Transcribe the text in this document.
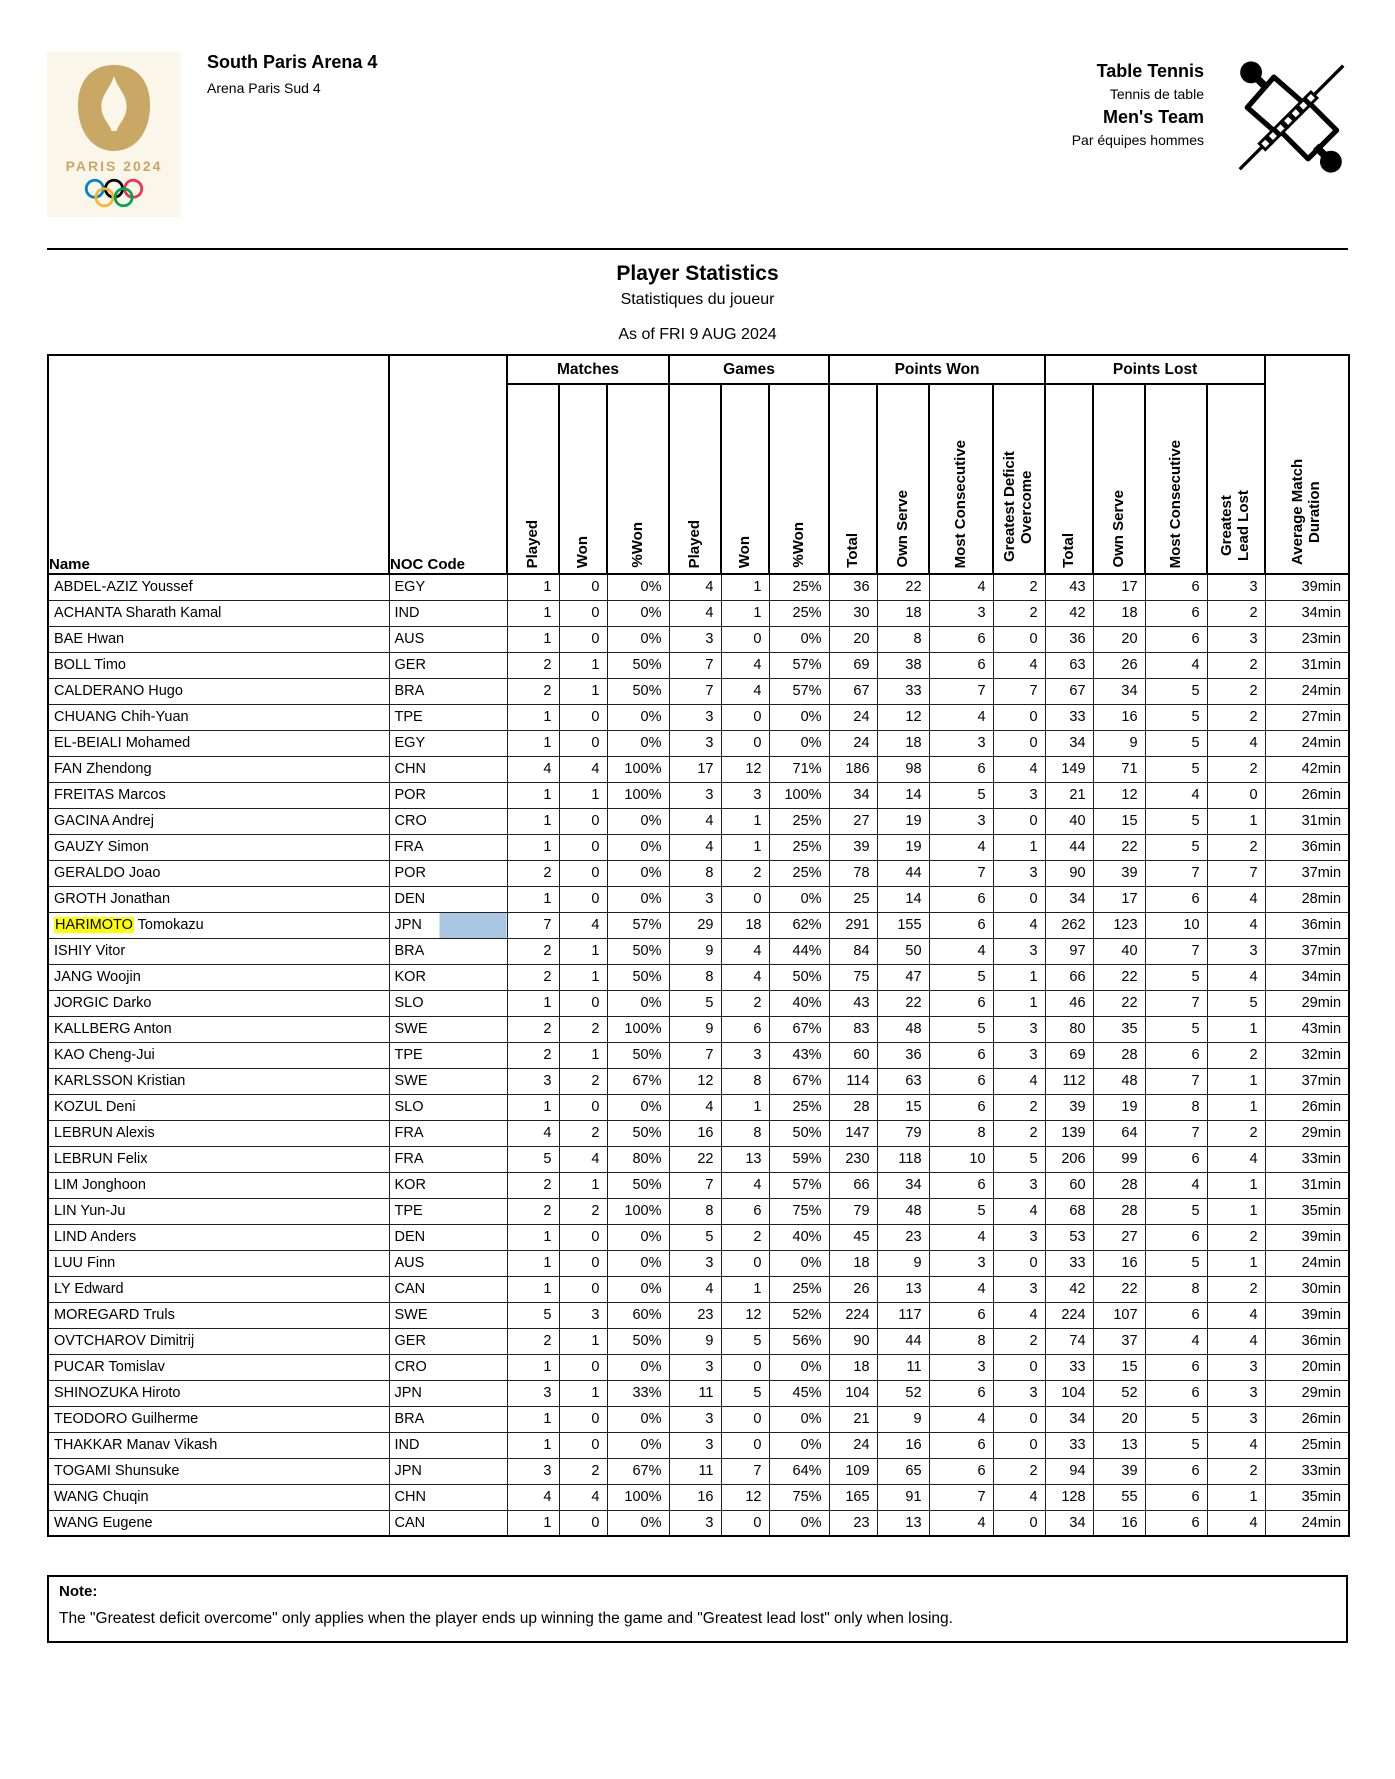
PARIS 2024
South Paris Arena 4
Arena Paris Sud 4
Table Tennis
Tennis de table
Men's Team
Par équipes hommes
Player Statistics
Statistiques du joueur
As of FRI 9 AUG 2024
Name	NOC Code	Matches			Games			Points Won				Points Lost				Average Match Duration
		Played	Won	%Won	Played	Won	%Won	Total	Own Serve	Most Consecutive	Greatest Deficit Overcome	Total	Own Serve	Most Consecutive	Greatest Lead Lost	
ABDEL-AZIZ Youssef	EGY	1	0	0%	4	1	25%	36	22	4	2	43	17	6	3	39min
ACHANTA Sharath Kamal	IND	1	0	0%	4	1	25%	30	18	3	2	42	18	6	2	34min
BAE Hwan	AUS	1	0	0%	3	0	0%	20	8	6	0	36	20	6	3	23min
BOLL Timo	GER	2	1	50%	7	4	57%	69	38	6	4	63	26	4	2	31min
CALDERANO Hugo	BRA	2	1	50%	7	4	57%	67	33	7	7	67	34	5	2	24min
CHUANG Chih-Yuan	TPE	1	0	0%	3	0	0%	24	12	4	0	33	16	5	2	27min
EL-BEIALI Mohamed	EGY	1	0	0%	3	0	0%	24	18	3	0	34	9	5	4	24min
FAN Zhendong	CHN	4	4	100%	17	12	71%	186	98	6	4	149	71	5	2	42min
FREITAS Marcos	POR	1	1	100%	3	3	100%	34	14	5	3	21	12	4	0	26min
GACINA Andrej	CRO	1	0	0%	4	1	25%	27	19	3	0	40	15	5	1	31min
GAUZY Simon	FRA	1	0	0%	4	1	25%	39	19	4	1	44	22	5	2	36min
GERALDO Joao	POR	2	0	0%	8	2	25%	78	44	7	3	90	39	7	7	37min
GROTH Jonathan	DEN	1	0	0%	3	0	0%	25	14	6	0	34	17	6	4	28min
HARIMOTO Tomokazu	JPN	7	4	57%	29	18	62%	291	155	6	4	262	123	10	4	36min
ISHIY Vitor	BRA	2	1	50%	9	4	44%	84	50	4	3	97	40	7	3	37min
JANG Woojin	KOR	2	1	50%	8	4	50%	75	47	5	1	66	22	5	4	34min
JORGIC Darko	SLO	1	0	0%	5	2	40%	43	22	6	1	46	22	7	5	29min
KALLBERG Anton	SWE	2	2	100%	9	6	67%	83	48	5	3	80	35	5	1	43min
KAO Cheng-Jui	TPE	2	1	50%	7	3	43%	60	36	6	3	69	28	6	2	32min
KARLSSON Kristian	SWE	3	2	67%	12	8	67%	114	63	6	4	112	48	7	1	37min
KOZUL Deni	SLO	1	0	0%	4	1	25%	28	15	6	2	39	19	8	1	26min
LEBRUN Alexis	FRA	4	2	50%	16	8	50%	147	79	8	2	139	64	7	2	29min
LEBRUN Felix	FRA	5	4	80%	22	13	59%	230	118	10	5	206	99	6	4	33min
LIM Jonghoon	KOR	2	1	50%	7	4	57%	66	34	6	3	60	28	4	1	31min
LIN Yun-Ju	TPE	2	2	100%	8	6	75%	79	48	5	4	68	28	5	1	35min
LIND Anders	DEN	1	0	0%	5	2	40%	45	23	4	3	53	27	6	2	39min
LUU Finn	AUS	1	0	0%	3	0	0%	18	9	3	0	33	16	5	1	24min
LY Edward	CAN	1	0	0%	4	1	25%	26	13	4	3	42	22	8	2	30min
MOREGARD Truls	SWE	5	3	60%	23	12	52%	224	117	6	4	224	107	6	4	39min
OVTCHAROV Dimitrij	GER	2	1	50%	9	5	56%	90	44	8	2	74	37	4	4	36min
PUCAR Tomislav	CRO	1	0	0%	3	0	0%	18	11	3	0	33	15	6	3	20min
SHINOZUKA Hiroto	JPN	3	1	33%	11	5	45%	104	52	6	3	104	52	6	3	29min
TEODORO Guilherme	BRA	1	0	0%	3	0	0%	21	9	4	0	34	20	5	3	26min
THAKKAR Manav Vikash	IND	1	0	0%	3	0	0%	24	16	6	0	33	13	5	4	25min
TOGAMI Shunsuke	JPN	3	2	67%	11	7	64%	109	65	6	2	94	39	6	2	33min
WANG Chuqin	CHN	4	4	100%	16	12	75%	165	91	7	4	128	55	6	1	35min
WANG Eugene	CAN	1	0	0%	3	0	0%	23	13	4	0	34	16	6	4	24min
Note:
The "Greatest deficit overcome" only applies when the player ends up winning the game and "Greatest lead lost" only when losing.
